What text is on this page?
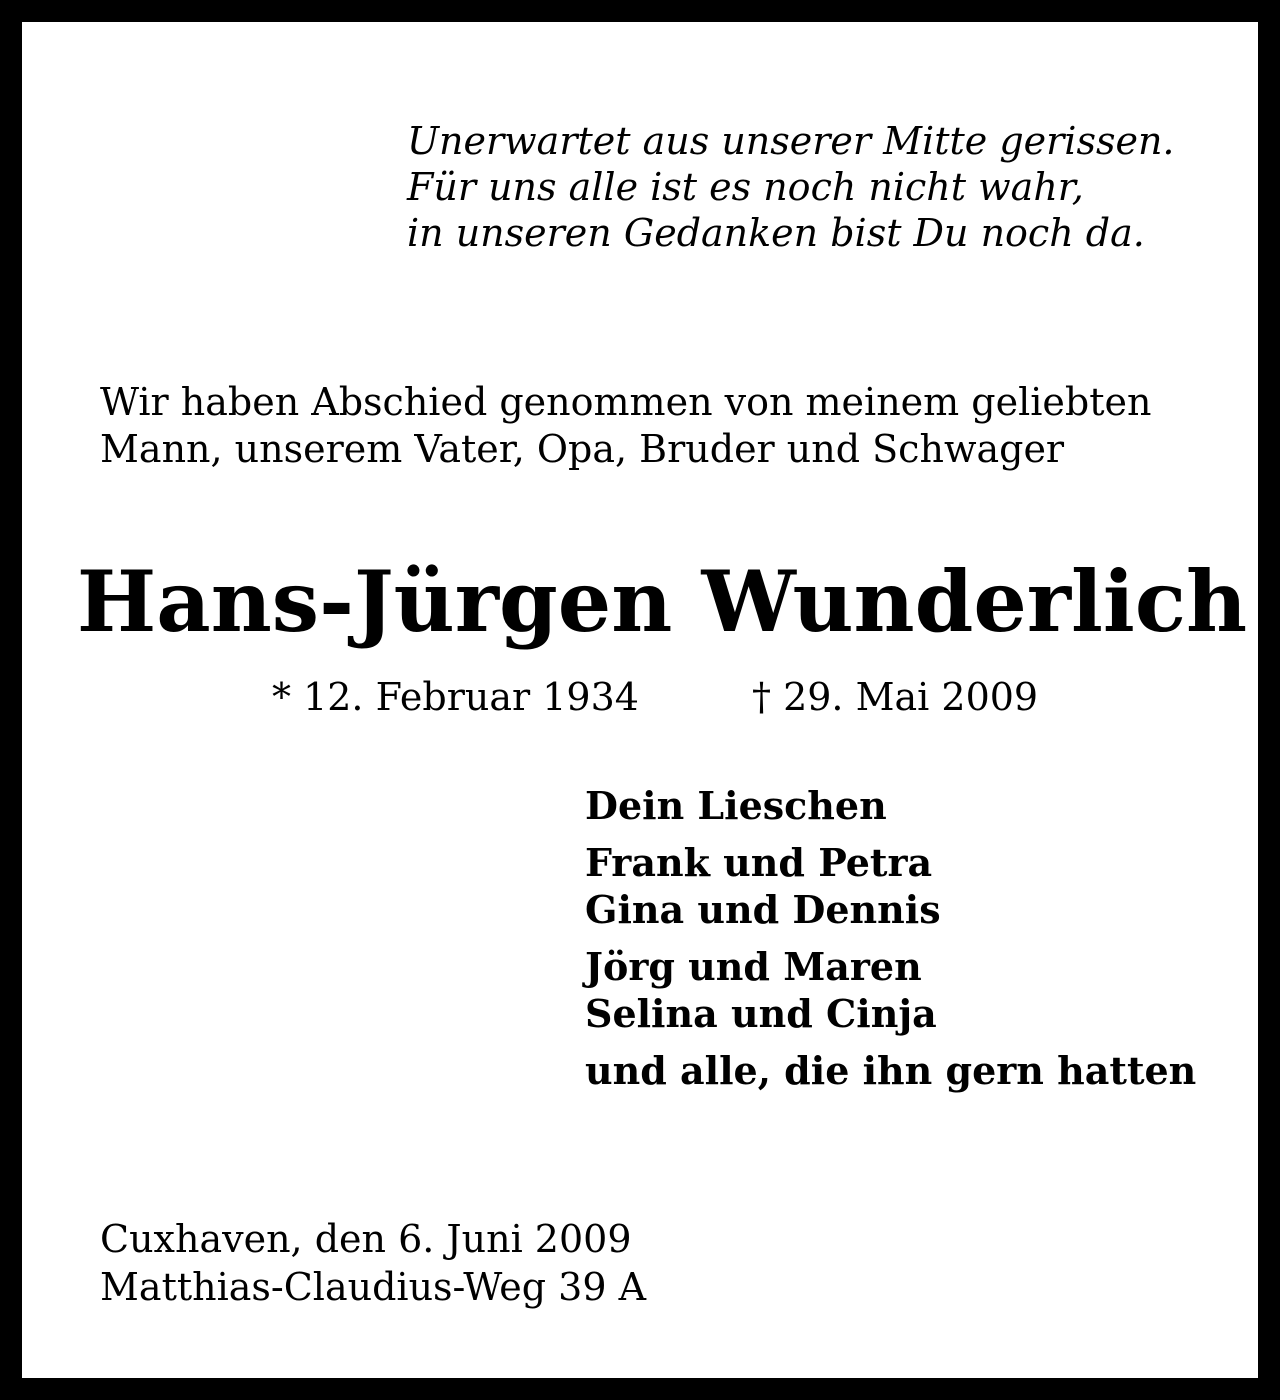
Unerwartet aus unserer Mitte gerissen.
Für uns alle ist es noch nicht wahr,
in unseren Gedanken bist Du noch da.
Wir haben Abschied genommen von meinem geliebten
Mann, unserem Vater, Opa, Bruder und Schwager
Hans-Jürgen Wunderlich
* 12. Februar 1934	† 29. Mai 2009
Dein Lieschen
Frank und Petra
Gina und Dennis
Jörg und Maren
Selina und Cinja
und alle, die ihn gern hatten
Cuxhaven, den 6. Juni 2009
Matthias-Claudius-Weg 39 A
